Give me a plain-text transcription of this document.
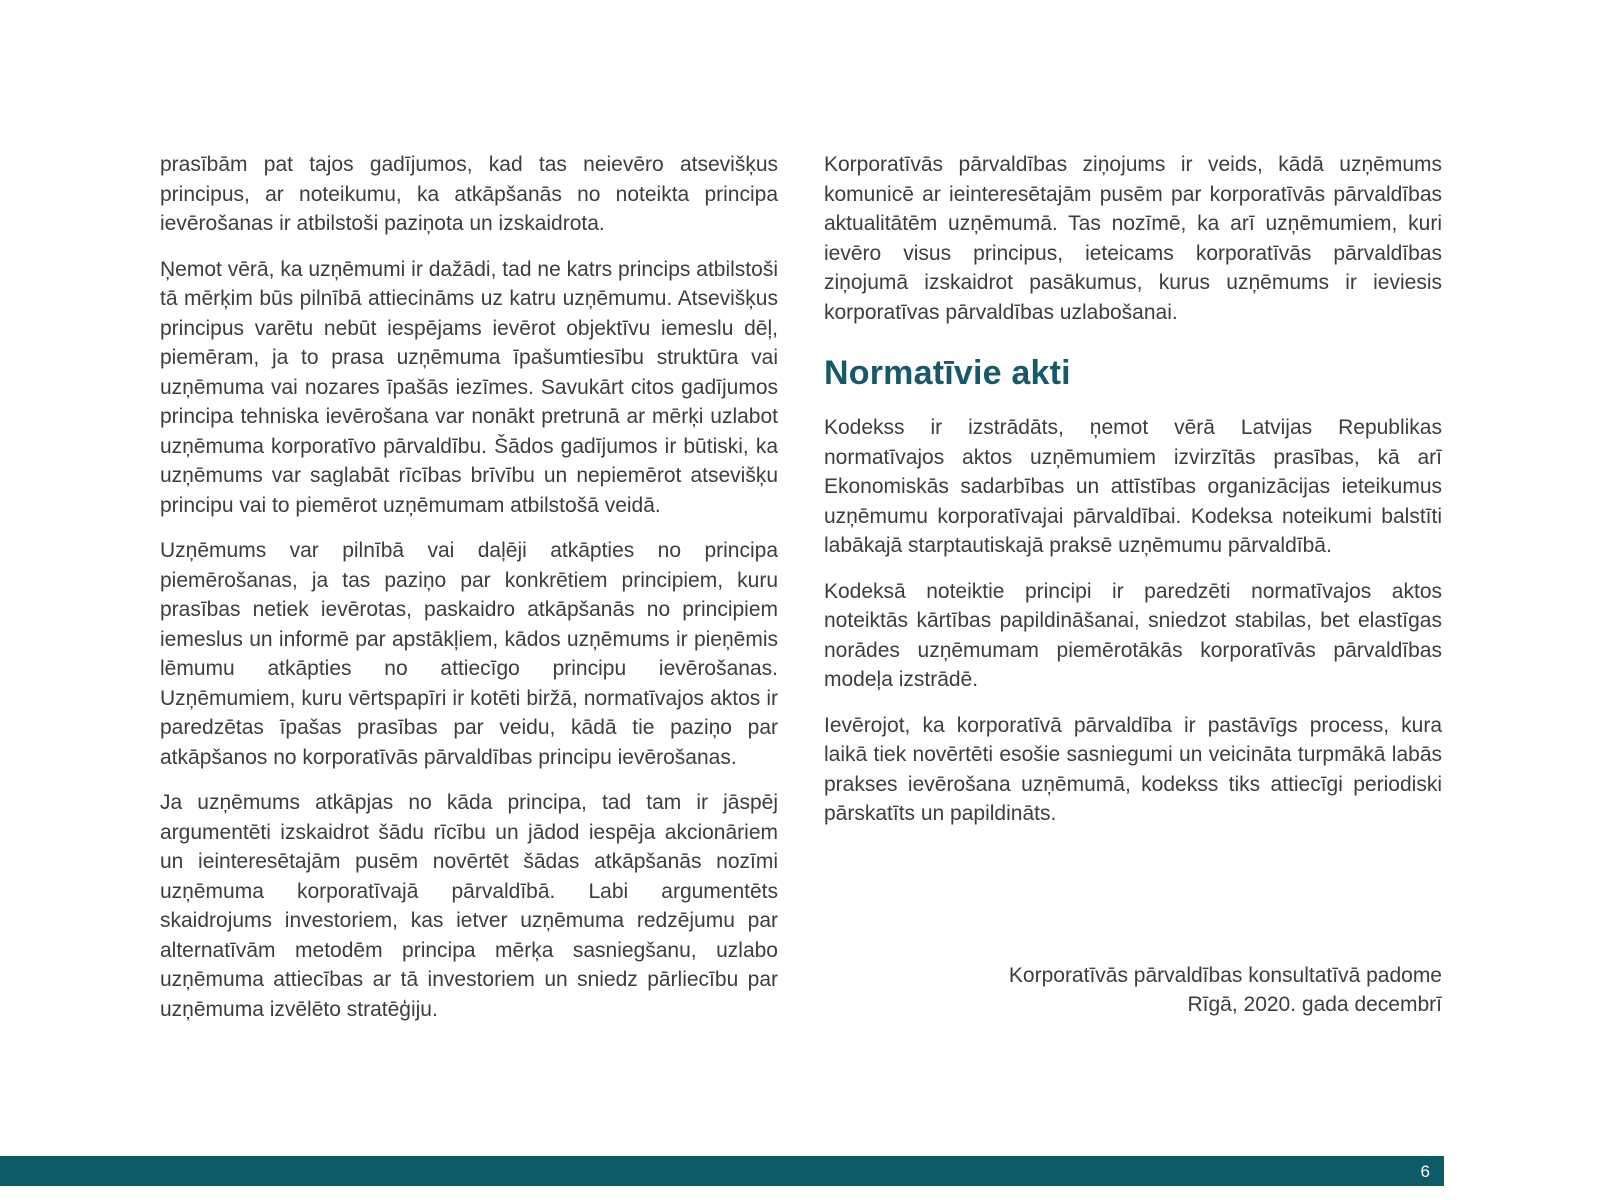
prasībām pat tajos gadījumos, kad tas neievēro atsevišķus principus, ar noteikumu, ka atkāpšanās no noteikta principa ievērošanas ir atbilstoši paziņota un izskaidrota.

Ņemot vērā, ka uzņēmumi ir dažādi, tad ne katrs princips atbilstoši tā mērķim būs pilnībā attiecināms uz katru uzņēmumu. Atsevišķus principus varētu nebūt iespējams ievērot objektīvu iemeslu dēļ, piemēram, ja to prasa uzņēmuma īpašumtiesību struktūra vai uzņēmuma vai nozares īpašās iezīmes. Savukārt citos gadījumos principa tehniska ievērošana var nonākt pretrunā ar mērķi uzlabot uzņēmuma korporatīvo pārvaldību. Šādos gadījumos ir būtiski, ka uzņēmums var saglabāt rīcības brīvību un nepiemērot atsevišķu principu vai to piemērot uzņēmumam atbilstošā veidā.

Uzņēmums var pilnībā vai daļēji atkāpties no principa piemērošanas, ja tas paziņo par konkrētiem principiem, kuru prasības netiek ievērotas, paskaidro atkāpšanās no principiem iemeslus un informē par apstākļiem, kādos uzņēmums ir pieņēmis lēmumu atkāpties no attiecīgo principu ievērošanas. Uzņēmumiem, kuru vērtspapīri ir kotēti biržā, normatīvajos aktos ir paredzētas īpašas prasības par veidu, kādā tie paziņo par atkāpšanos no korporatīvās pārvaldības principu ievērošanas.

Ja uzņēmums atkāpjas no kāda principa, tad tam ir jāspēj argumentēti izskaidrot šādu rīcību un jādod iespēja akcionāriem un ieinteresētajām pusēm novērtēt šādas atkāpšanās nozīmi uzņēmuma korporatīvajā pārvaldībā. Labi argumentēts skaidrojums investoriem, kas ietver uzņēmuma redzējumu par alternatīvām metodēm principa mērķa sasniegšanu, uzlabo uzņēmuma attiecības ar tā investoriem un sniedz pārliecību par uzņēmuma izvēlēto stratēģiju.

Korporatīvās pārvaldības ziņojums ir veids, kādā uzņēmums komunicē ar ieinteresētajām pusēm par korporatīvās pārvaldības aktualitātēm uzņēmumā. Tas nozīmē, ka arī uzņēmumiem, kuri ievēro visus principus, ieteicams korporatīvās pārvaldības ziņojumā izskaidrot pasākumus, kurus uzņēmums ir ieviesis korporatīvas pārvaldības uzlabošanai.

Normatīvie akti

Kodekss ir izstrādāts, ņemot vērā Latvijas Republikas normatīvajos aktos uzņēmumiem izvirzītās prasības, kā arī Ekonomiskās sadarbības un attīstības organizācijas ieteikumus uzņēmumu korporatīvajai pārvaldībai. Kodeksa noteikumi balstīti labākajā starptautiskajā praksē uzņēmumu pārvaldībā.

Kodeksā noteiktie principi ir paredzēti normatīvajos aktos noteiktās kārtības papildināšanai, sniedzot stabilas, bet elastīgas norādes uzņēmumam piemērotākās korporatīvās pārvaldības modeļa izstrādē.

Ievērojot, ka korporatīvā pārvaldība ir pastāvīgs process, kura laikā tiek novērtēti esošie sasniegumi un veicināta turpmākā labās prakses ievērošana uzņēmumā, kodekss tiks attiecīgi periodiski pārskatīts un papildināts.

Korporatīvās pārvaldības konsultatīvā padome

Rīgā, 2020. gada decembrī

6
